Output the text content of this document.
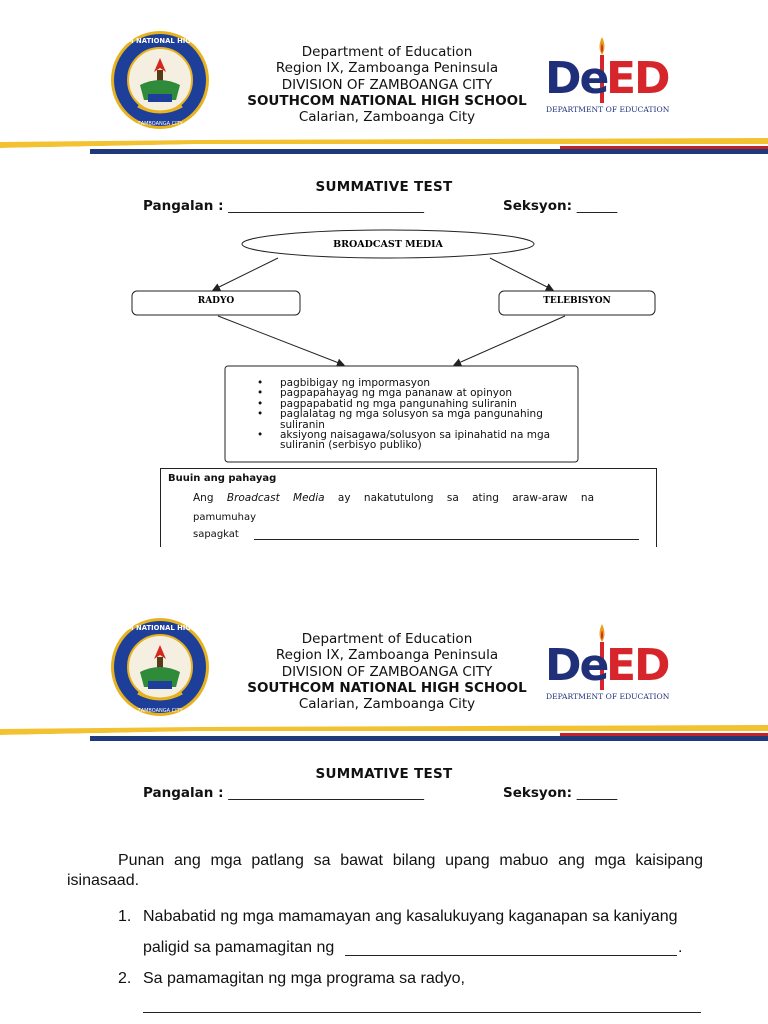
SOUTHCOM NATIONAL HIGH SCHOOL
ZAMBOANGA CITY
Department of Education
Region IX, Zamboanga Peninsula
DIVISION OF ZAMBOANGA CITY
SOUTHCOM NATIONAL HIGH SCHOOL
Calarian, Zamboanga City
De
ED
DEPARTMENT OF EDUCATION
SUMMATIVE TEST
Pangalan : _____________________________	Seksyon: ______
BROADCAST MEDIA
RADYO	TELEBISYON
• pagbibigay ng impormasyon
• pagpapahayag ng mga pananaw at opinyon
• pagpapabatid ng mga pangunahing suliranin
• paglalatag ng mga solusyon sa mga pangunahing suliranin
• aksiyong naisagawa/solusyon sa ipinahatid na mga suliranin (serbisyo publiko)
Buuin ang pahayag
Ang Broadcast Media ay nakatutulong sa ating araw-araw na
pamumuhay
sapagkat
SOUTHCOM NATIONAL HIGH SCHOOL
ZAMBOANGA CITY
Department of Education
Region IX, Zamboanga Peninsula
DIVISION OF ZAMBOANGA CITY
SOUTHCOM NATIONAL HIGH SCHOOL
Calarian, Zamboanga City
De
ED
DEPARTMENT OF EDUCATION
SUMMATIVE TEST
Pangalan : _____________________________	Seksyon: ______
Punan ang mga patlang sa bawat bilang upang mabuo ang mga kaisipang
isinasaad.
1. Nababatid ng mga mamamayan ang kasalukuyang kaganapan sa kaniyang
paligid sa pamamagitan ng	.
2. Sa pamamagitan ng mga programa sa radyo,
